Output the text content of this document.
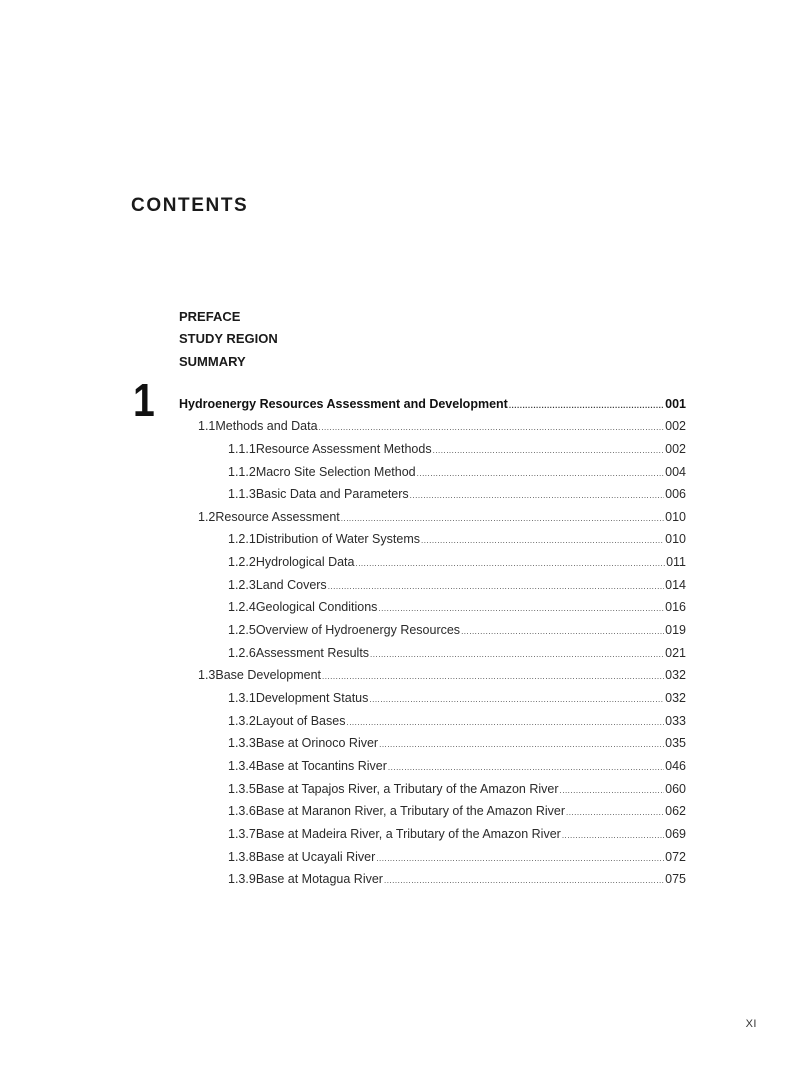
CONTENTS
PREFACE
STUDY REGION
SUMMARY
1 Hydroenergy Resources Assessment and Development .....	001
1.1 Methods and Data .....	002
1.1.1 Resource Assessment Methods .....	002
1.1.2 Macro Site Selection Method .....	004
1.1.3 Basic Data and Parameters .....	006
1.2 Resource Assessment .....	010
1.2.1 Distribution of Water Systems .....	010
1.2.2 Hydrological Data .....	011
1.2.3 Land Covers .....	014
1.2.4 Geological Conditions .....	016
1.2.5 Overview of Hydroenergy Resources .....	019
1.2.6 Assessment Results .....	021
1.3 Base Development .....	032
1.3.1 Development Status .....	032
1.3.2 Layout of Bases .....	033
1.3.3 Base at Orinoco River .....	035
1.3.4 Base at Tocantins River .....	046
1.3.5 Base at Tapajos River, a Tributary of the Amazon River .....	060
1.3.6 Base at Maranon River, a Tributary of the Amazon River .....	062
1.3.7 Base at Madeira River, a Tributary of the Amazon River .....	069
1.3.8 Base at Ucayali River .....	072
1.3.9 Base at Motagua River .....	075
XI
